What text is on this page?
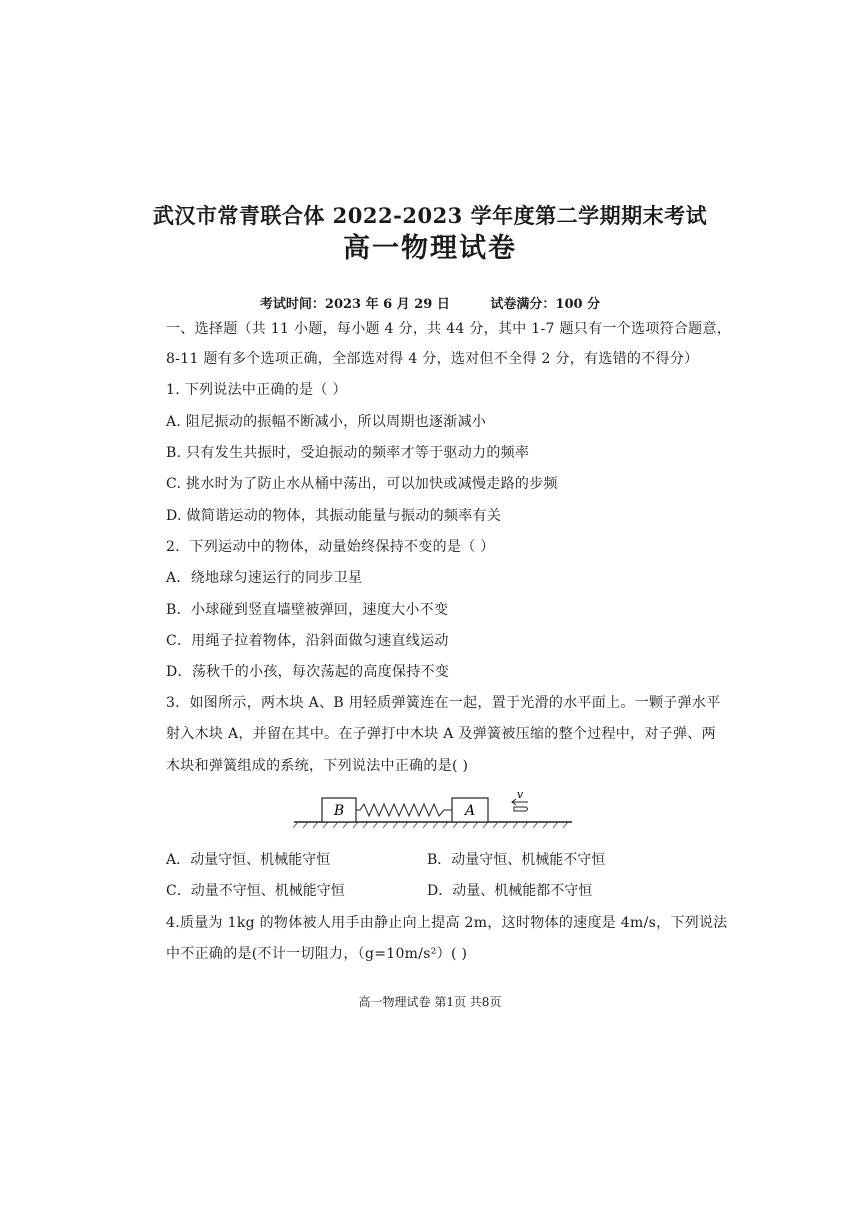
武汉市常青联合体 2022-2023 学年度第二学期期末考试
高一物理试卷
考试时间：2023 年 6 月 29 日	试卷满分：100 分
一、选择题（共 11 小题，每小题 4 分，共 44 分，其中 1-7 题只有一个选项符合题意，
8-11 题有多个选项正确，全部选对得 4 分，选对但不全得 2 分，有选错的不得分）
1. 下列说法中正确的是（ ）
A. 阻尼振动的振幅不断减小，所以周期也逐渐减小
B. 只有发生共振时，受迫振动的频率才等于驱动力的频率
C. 挑水时为了防止水从桶中荡出，可以加快或减慢走路的步频
D. 做简谐运动的物体，其振动能量与振动的频率有关
2．下列运动中的物体，动量始终保持不变的是（ ）
A．绕地球匀速运行的同步卫星
B．小球碰到竖直墙壁被弹回，速度大小不变
C．用绳子拉着物体，沿斜面做匀速直线运动
D．荡秋千的小孩，每次荡起的高度保持不变
3．如图所示，两木块 A、B 用轻质弹簧连在一起，置于光滑的水平面上。一颗子弹水平
射入木块 A，并留在其中。在子弹打中木块 A 及弹簧被压缩的整个过程中，对子弹、两
木块和弹簧组成的系统，下列说法中正确的是( )
B	A
v
A．动量守恒、机械能守恒	B．动量守恒、机械能不守恒
C．动量不守恒、机械能守恒	D．动量、机械能都不守恒
4.质量为 1kg 的物体被人用手由静止向上提高 2m，这时物体的速度是 4m/s，下列说法
中不正确的是(不计一切阻力，（g=10m/s²）( )
高一物理试卷 第1页 共8页
